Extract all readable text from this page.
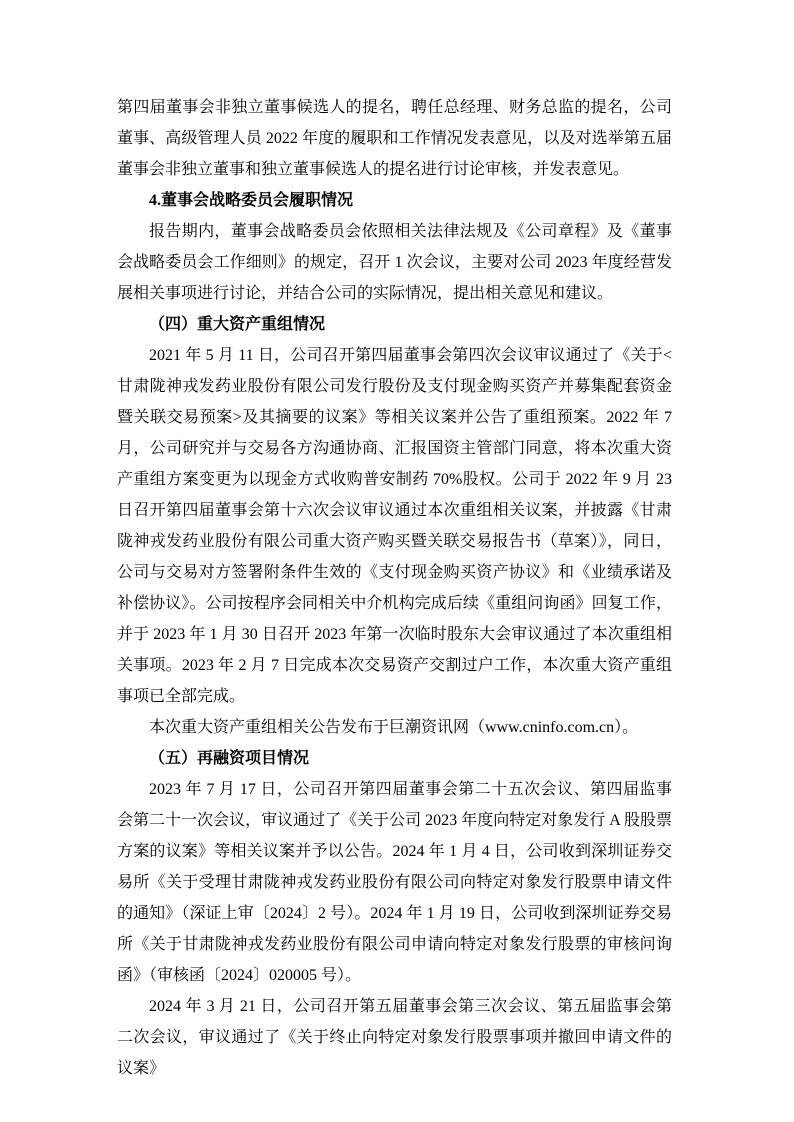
第四届董事会非独立董事候选人的提名，聘任总经理、财务总监的提名，公司董事、高级管理人员 2022 年度的履职和工作情况发表意见，以及对选举第五届董事会非独立董事和独立董事候选人的提名进行讨论审核，并发表意见。

4.董事会战略委员会履职情况

报告期内，董事会战略委员会依照相关法律法规及《公司章程》及《董事会战略委员会工作细则》的规定，召开 1 次会议，主要对公司 2023 年度经营发展相关事项进行讨论，并结合公司的实际情况，提出相关意见和建议。

（四）重大资产重组情况

2021 年 5 月 11 日，公司召开第四届董事会第四次会议审议通过了《关于<甘肃陇神戎发药业股份有限公司发行股份及支付现金购买资产并募集配套资金暨关联交易预案>及其摘要的议案》等相关议案并公告了重组预案。2022 年 7 月，公司研究并与交易各方沟通协商、汇报国资主管部门同意，将本次重大资产重组方案变更为以现金方式收购普安制药 70%股权。公司于 2022 年 9 月 23 日召开第四届董事会第十六次会议审议通过本次重组相关议案，并披露《甘肃陇神戎发药业股份有限公司重大资产购买暨关联交易报告书（草案）》，同日，公司与交易对方签署附条件生效的《支付现金购买资产协议》和《业绩承诺及补偿协议》。公司按程序会同相关中介机构完成后续《重组问询函》回复工作，并于 2023 年 1 月 30 日召开 2023 年第一次临时股东大会审议通过了本次重组相关事项。2023 年 2 月 7 日完成本次交易资产交割过户工作，本次重大资产重组事项已全部完成。

本次重大资产重组相关公告发布于巨潮资讯网（www.cninfo.com.cn）。

（五）再融资项目情况

2023 年 7 月 17 日，公司召开第四届董事会第二十五次会议、第四届监事会第二十一次会议，审议通过了《关于公司 2023 年度向特定对象发行 A 股股票方案的议案》等相关议案并予以公告。2024 年 1 月 4 日，公司收到深圳证券交易所《关于受理甘肃陇神戎发药业股份有限公司向特定对象发行股票申请文件的通知》（深证上审〔2024〕2 号）。2024 年 1 月 19 日，公司收到深圳证券交易所《关于甘肃陇神戎发药业股份有限公司申请向特定对象发行股票的审核问询函》（审核函〔2024〕020005 号）。

2024 年 3 月 21 日，公司召开第五届董事会第三次会议、第五届监事会第二次会议，审议通过了《关于终止向特定对象发行股票事项并撤回申请文件的议案》
